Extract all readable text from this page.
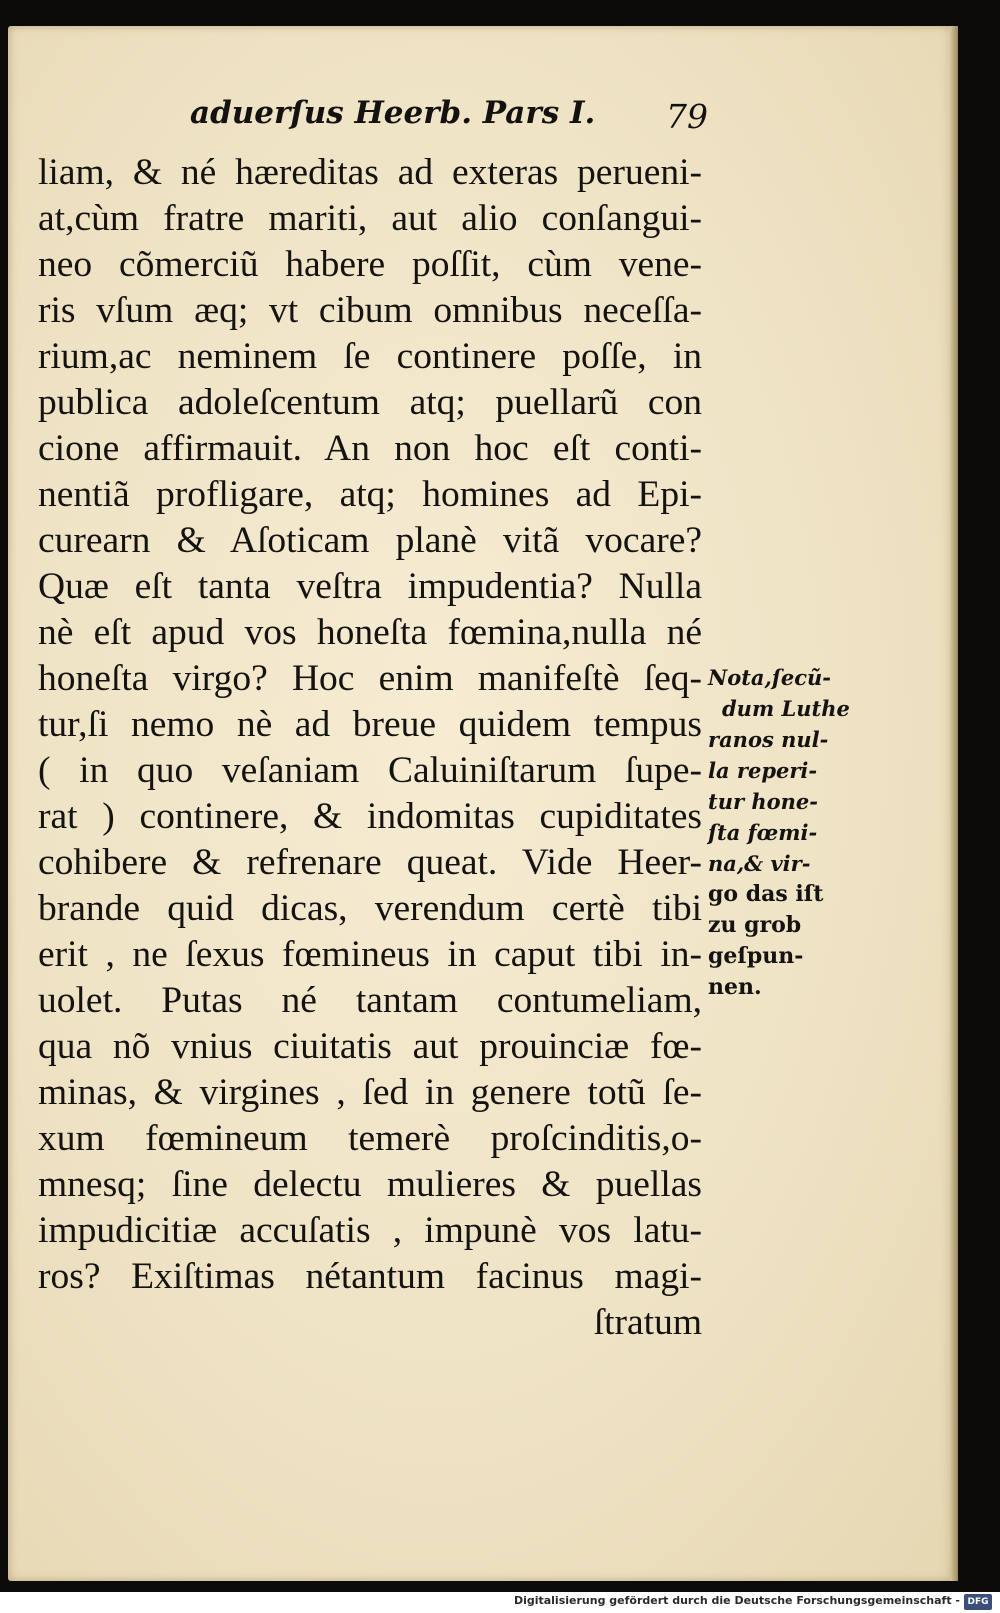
aduerſus Heerb. Pars I. 79
liam, & né hæreditas ad exteras perueni-
at,cùm fratre mariti, aut alio conſangui-
neo cõmerciũ habere poſſit, cùm vene-
ris vſum æq; vt cibum omnibus neceſſa-
rium,ac neminem ſe continere poſſe, in
publica adoleſcentum atq; puellarũ con
cione affirmauit. An non hoc eſt conti-
nentiã profligare, atq; homines ad Epi-
curearn & Aſoticam planè vitã vocare?
Quæ eſt tanta veſtra impudentia? Nulla
nè eſt apud vos honeſta fœmina,nulla né
honeſta virgo? Hoc enim manifeſtè ſeq-
tur,ſi nemo nè ad breue quidem tempus
( in quo veſaniam Caluiniſtarum ſupe-
rat ) continere, & indomitas cupiditates
cohibere & refrenare queat. Vide Heer-
brande quid dicas, verendum certè tibi
erit , ne ſexus fœmineus in caput tibi in-
uolet. Putas né tantam contumeliam,
qua nõ vnius ciuitatis aut prouinciæ fœ-
minas, & virgines , ſed in genere totũ ſe-
xum fœmineum temerè proſcinditis,o-
mnesq; ſine delectu mulieres & puellas
impudicitiæ accuſatis , impunè vos latu-
ros? Exiſtimas nétantum facinus magi-
ſtratum
Nota,ſecũ-
dum Luthe
ranos nul-
la reperi-
tur hone-
ſta fœmi-
na,& vir-
go das iſt
zu grob
geſpun-
nen.
Digitalisierung gefördert durch die Deutsche Forschungsgemeinschaft - DFG
